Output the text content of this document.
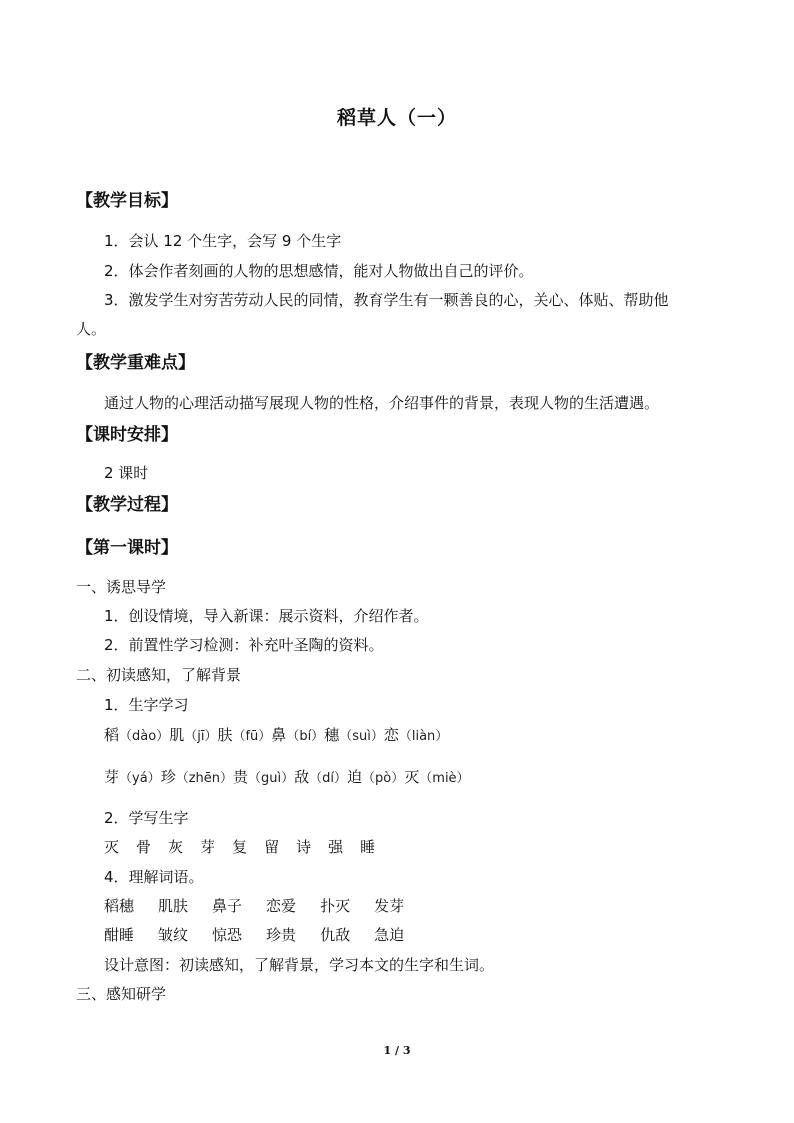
稻草人（一）
【教学目标】
1．会认 12 个生字，会写 9 个生字
2．体会作者刻画的人物的思想感情，能对人物做出自己的评价。
3．激发学生对穷苦劳动人民的同情，教育学生有一颗善良的心，关心、体贴、帮助他
人。
【教学重难点】
通过人物的心理活动描写展现人物的性格，介绍事件的背景，表现人物的生活遭遇。
【课时安排】
2 课时
【教学过程】
【第一课时】
一、诱思导学
1．创设情境，导入新课：展示资料，介绍作者。
2．前置性学习检测：补充叶圣陶的资料。
二、初读感知，了解背景
1．生字学习
稻（dào）肌（jī）肤（fū）鼻（bí）穗（suì）恋（liàn）
芽（yá）珍（zhēn）贵（guì）敌（dí）迫（pò）灭（miè）
2．学写生字
灭 骨 灰 芽 复 留 诗 强 睡
4．理解词语。
稻穗 肌肤 鼻子 恋爱 扑灭 发芽
酣睡 皱纹 惊恐 珍贵 仇敌 急迫
设计意图：初读感知，了解背景，学习本文的生字和生词。
三、感知研学
1 / 3
